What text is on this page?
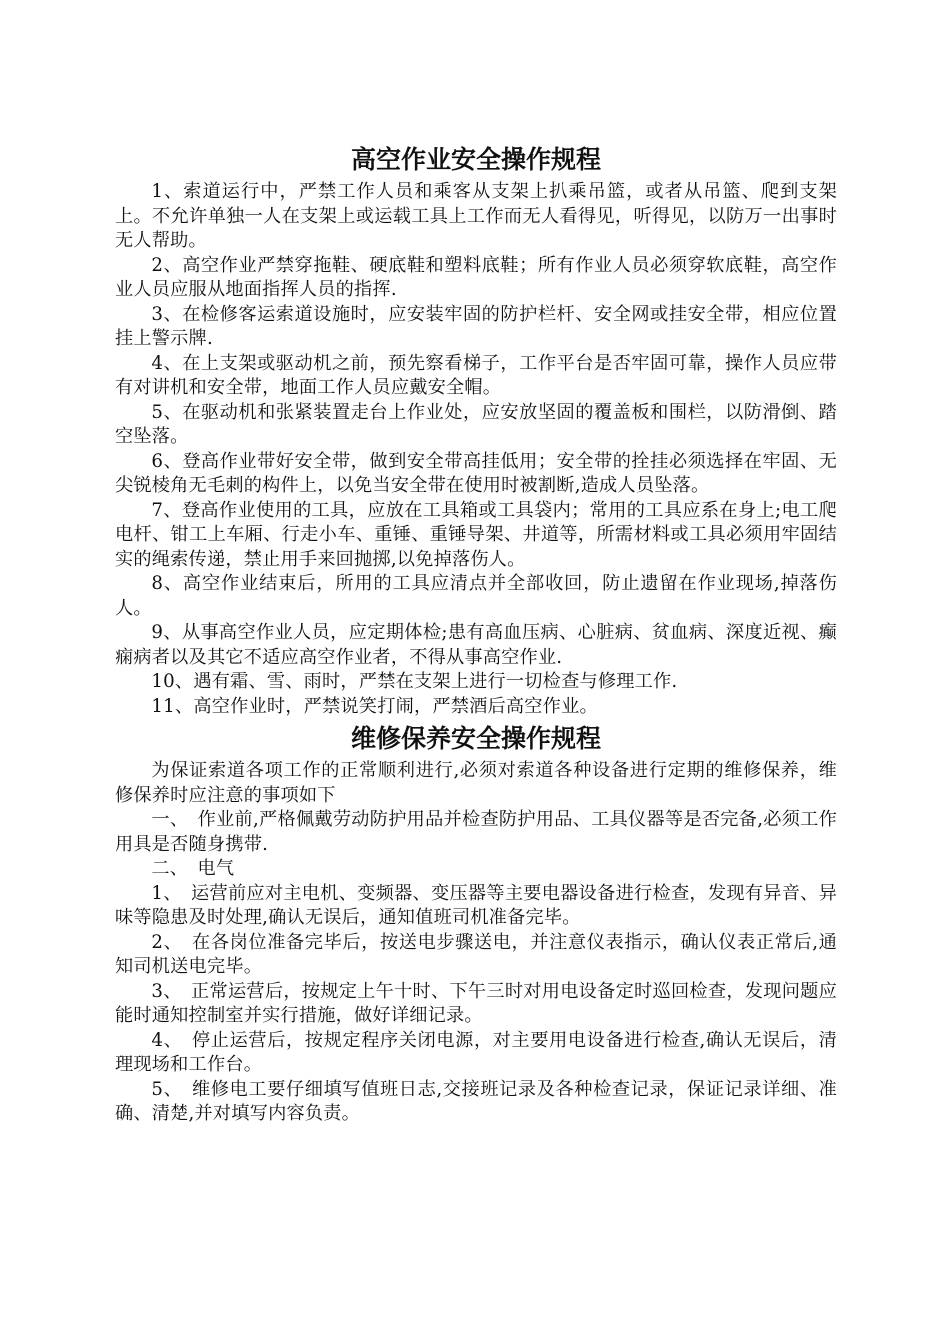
高空作业安全操作规程

1、索道运行中，严禁工作人员和乘客从支架上扒乘吊篮，或者从吊篮、爬到支架上。不允许单独一人在支架上或运载工具上工作而无人看得见，听得见，以防万一出事时无人帮助。

2、高空作业严禁穿拖鞋、硬底鞋和塑料底鞋；所有作业人员必须穿软底鞋，高空作业人员应服从地面指挥人员的指挥.

3、在检修客运索道设施时，应安装牢固的防护栏杆、安全网或挂安全带，相应位置挂上警示牌.

4、在上支架或驱动机之前，预先察看梯子，工作平台是否牢固可靠，操作人员应带有对讲机和安全带，地面工作人员应戴安全帽。

5、在驱动机和张紧装置走台上作业处，应安放坚固的覆盖板和围栏，以防滑倒、踏空坠落。

6、登高作业带好安全带，做到安全带高挂低用；安全带的拴挂必须选择在牢固、无尖锐棱角无毛刺的构件上，以免当安全带在使用时被割断,造成人员坠落。

7、登高作业使用的工具，应放在工具箱或工具袋内；常用的工具应系在身上;电工爬电杆、钳工上车厢、行走小车、重锤、重锤导架、井道等，所需材料或工具必须用牢固结实的绳索传递，禁止用手来回抛掷,以免掉落伤人。

8、高空作业结束后，所用的工具应清点并全部收回，防止遗留在作业现场,掉落伤人。

9、从事高空作业人员，应定期体检;患有高血压病、心脏病、贫血病、深度近视、癫痫病者以及其它不适应高空作业者，不得从事高空作业.

10、遇有霜、雪、雨时，严禁在支架上进行一切检查与修理工作.

11、高空作业时，严禁说笑打闹，严禁酒后高空作业。

维修保养安全操作规程

为保证索道各项工作的正常顺利进行,必须对索道各种设备进行定期的维修保养，维修保养时应注意的事项如下

一、　作业前,严格佩戴劳动防护用品并检查防护用品、工具仪器等是否完备,必须工作用具是否随身携带.

二、　电气

1、　运营前应对主电机、变频器、变压器等主要电器设备进行检查，发现有异音、异味等隐患及时处理,确认无误后，通知值班司机准备完毕。

2、　在各岗位准备完毕后，按送电步骤送电，并注意仪表指示，确认仪表正常后,通知司机送电完毕。

3、　正常运营后，按规定上午十时、下午三时对用电设备定时巡回检查，发现问题应能时通知控制室并实行措施，做好详细记录。

4、　停止运营后，按规定程序关闭电源，对主要用电设备进行检查,确认无误后，清理现场和工作台。

5、　维修电工要仔细填写值班日志,交接班记录及各种检查记录，保证记录详细、准确、清楚,并对填写内容负责。
